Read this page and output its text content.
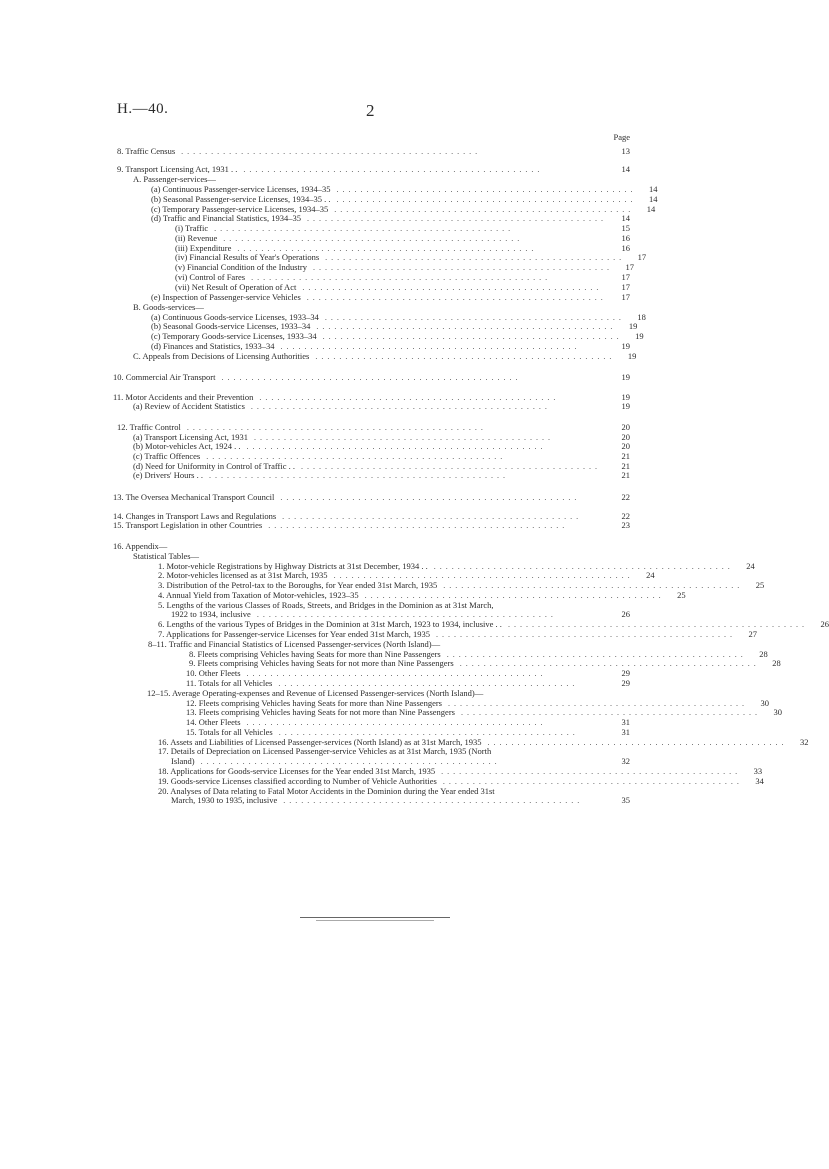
H.—40.	2
Page
8. Traffic Census . . . . . . . . . . . . . . . . . . . . . . . . . . . . . . . . . . . . . . . . . . . . . . . . . .	13
9. Transport Licensing Act, 1931 . . . . . . . . . . . . . . . . . . . . . . . . . . . . . . . . . . . . . . . . . . . . . . . . . . . .	14
A. Passenger-services—
(a) Continuous Passenger-service Licenses, 1934–35 . . . . . . . . . . . . . . . . . . . . . . . . . . . . . . . . . . . . . . . . . . . . . . . . . .	14
(b) Seasonal Passenger-service Licenses, 1934–35 . . . . . . . . . . . . . . . . . . . . . . . . . . . . . . . . . . . . . . . . . . . . . . . . . . . .	14
(c) Temporary Passenger-service Licenses, 1934–35 . . . . . . . . . . . . . . . . . . . . . . . . . . . . . . . . . . . . . . . . . . . . . . . . . .	14
(d) Traffic and Financial Statistics, 1934–35 . . . . . . . . . . . . . . . . . . . . . . . . . . . . . . . . . . . . . . . . . . . . . . . . . .	14
(i) Traffic . . . . . . . . . . . . . . . . . . . . . . . . . . . . . . . . . . . . . . . . . . . . . . . . . .	15
(ii) Revenue . . . . . . . . . . . . . . . . . . . . . . . . . . . . . . . . . . . . . . . . . . . . . . . . . .	16
(iii) Expenditure . . . . . . . . . . . . . . . . . . . . . . . . . . . . . . . . . . . . . . . . . . . . . . . . . .	16
(iv) Financial Results of Year's Operations . . . . . . . . . . . . . . . . . . . . . . . . . . . . . . . . . . . . . . . . . . . . . . . . . .	17
(v) Financial Condition of the Industry . . . . . . . . . . . . . . . . . . . . . . . . . . . . . . . . . . . . . . . . . . . . . . . . . .	17
(vi) Control of Fares . . . . . . . . . . . . . . . . . . . . . . . . . . . . . . . . . . . . . . . . . . . . . . . . . .	17
(vii) Net Result of Operation of Act . . . . . . . . . . . . . . . . . . . . . . . . . . . . . . . . . . . . . . . . . . . . . . . . . .	17
(e) Inspection of Passenger-service Vehicles . . . . . . . . . . . . . . . . . . . . . . . . . . . . . . . . . . . . . . . . . . . . . . . . . .	17
B. Goods-services—
(a) Continuous Goods-service Licenses, 1933–34 . . . . . . . . . . . . . . . . . . . . . . . . . . . . . . . . . . . . . . . . . . . . . . . . . .	18
(b) Seasonal Goods-service Licenses, 1933–34 . . . . . . . . . . . . . . . . . . . . . . . . . . . . . . . . . . . . . . . . . . . . . . . . . .	19
(c) Temporary Goods-service Licenses, 1933–34 . . . . . . . . . . . . . . . . . . . . . . . . . . . . . . . . . . . . . . . . . . . . . . . . . .	19
(d) Finances and Statistics, 1933–34 . . . . . . . . . . . . . . . . . . . . . . . . . . . . . . . . . . . . . . . . . . . . . . . . . .	19
C. Appeals from Decisions of Licensing Authorities . . . . . . . . . . . . . . . . . . . . . . . . . . . . . . . . . . . . . . . . . . . . . . . . . .	19
10. Commercial Air Transport . . . . . . . . . . . . . . . . . . . . . . . . . . . . . . . . . . . . . . . . . . . . . . . . . .	19
11. Motor Accidents and their Prevention . . . . . . . . . . . . . . . . . . . . . . . . . . . . . . . . . . . . . . . . . . . . . . . . . .	19
(a) Review of Accident Statistics . . . . . . . . . . . . . . . . . . . . . . . . . . . . . . . . . . . . . . . . . . . . . . . . . .	19
12. Traffic Control . . . . . . . . . . . . . . . . . . . . . . . . . . . . . . . . . . . . . . . . . . . . . . . . . .	20
(a) Transport Licensing Act, 1931 . . . . . . . . . . . . . . . . . . . . . . . . . . . . . . . . . . . . . . . . . . . . . . . . . .	20
(b) Motor-vehicles Act, 1924 . . . . . . . . . . . . . . . . . . . . . . . . . . . . . . . . . . . . . . . . . . . . . . . . . . . .	20
(c) Traffic Offences . . . . . . . . . . . . . . . . . . . . . . . . . . . . . . . . . . . . . . . . . . . . . . . . . .	21
(d) Need for Uniformity in Control of Traffic . . . . . . . . . . . . . . . . . . . . . . . . . . . . . . . . . . . . . . . . . . . . . . . . . . . .	21
(e) Drivers' Hours . . . . . . . . . . . . . . . . . . . . . . . . . . . . . . . . . . . . . . . . . . . . . . . . . . . .	21
13. The Oversea Mechanical Transport Council . . . . . . . . . . . . . . . . . . . . . . . . . . . . . . . . . . . . . . . . . . . . . . . . . .	22
14. Changes in Transport Laws and Regulations . . . . . . . . . . . . . . . . . . . . . . . . . . . . . . . . . . . . . . . . . . . . . . . . . .	22
15. Transport Legislation in other Countries . . . . . . . . . . . . . . . . . . . . . . . . . . . . . . . . . . . . . . . . . . . . . . . . . .	23
16. Appendix—
Statistical Tables—
1. Motor-vehicle Registrations by Highway Districts at 31st December, 1934 . . . . . . . . . . . . . . . . . . . . . . . . . . . . . . . . . . . . . . . . . . . . . . . . . . . .	24
2. Motor-vehicles licensed as at 31st March, 1935 . . . . . . . . . . . . . . . . . . . . . . . . . . . . . . . . . . . . . . . . . . . . . . . . . .	24
3. Distribution of the Petrol-tax to the Boroughs, for Year ended 31st March, 1935 . . . . . . . . . . . . . . . . . . . . . . . . . . . . . . . . . . . . . . . . . . . . . . . . . .	25
4. Annual Yield from Taxation of Motor-vehicles, 1923–35 . . . . . . . . . . . . . . . . . . . . . . . . . . . . . . . . . . . . . . . . . . . . . . . . . .	25
5. Lengths of the various Classes of Roads, Streets, and Bridges in the Dominion as at 31st March,
1922 to 1934, inclusive . . . . . . . . . . . . . . . . . . . . . . . . . . . . . . . . . . . . . . . . . . . . . . . . . .	26
6. Lengths of the various Types of Bridges in the Dominion at 31st March, 1923 to 1934, inclusive . . . . . . . . . . . . . . . . . . . . . . . . . . . . . . . . . . . . . . . . . . . . . . . . . . . .	26
7. Applications for Passenger-service Licenses for Year ended 31st March, 1935 . . . . . . . . . . . . . . . . . . . . . . . . . . . . . . . . . . . . . . . . . . . . . . . . . .	27
8–11. Traffic and Financial Statistics of Licensed Passenger-services (North Island)—
8. Fleets comprising Vehicles having Seats for more than Nine Passengers . . . . . . . . . . . . . . . . . . . . . . . . . . . . . . . . . . . . . . . . . . . . . . . . . .	28
9. Fleets comprising Vehicles having Seats for not more than Nine Passengers . . . . . . . . . . . . . . . . . . . . . . . . . . . . . . . . . . . . . . . . . . . . . . . . . .	28
10. Other Fleets . . . . . . . . . . . . . . . . . . . . . . . . . . . . . . . . . . . . . . . . . . . . . . . . . .	29
11. Totals for all Vehicles . . . . . . . . . . . . . . . . . . . . . . . . . . . . . . . . . . . . . . . . . . . . . . . . . .	29
12–15. Average Operating-expenses and Revenue of Licensed Passenger-services (North Island)—
12. Fleets comprising Vehicles having Seats for more than Nine Passengers . . . . . . . . . . . . . . . . . . . . . . . . . . . . . . . . . . . . . . . . . . . . . . . . . .	30
13. Fleets comprising Vehicles having Seats for not more than Nine Passengers . . . . . . . . . . . . . . . . . . . . . . . . . . . . . . . . . . . . . . . . . . . . . . . . . .	30
14. Other Fleets . . . . . . . . . . . . . . . . . . . . . . . . . . . . . . . . . . . . . . . . . . . . . . . . . .	31
15. Totals for all Vehicles . . . . . . . . . . . . . . . . . . . . . . . . . . . . . . . . . . . . . . . . . . . . . . . . . .	31
16. Assets and Liabilities of Licensed Passenger-services (North Island) as at 31st March, 1935 . . . . . . . . . . . . . . . . . . . . . . . . . . . . . . . . . . . . . . . . . . . . . . . . . .	32
17. Details of Depreciation on Licensed Passenger-service Vehicles as at 31st March, 1935 (North
Island) . . . . . . . . . . . . . . . . . . . . . . . . . . . . . . . . . . . . . . . . . . . . . . . . . .	32
18. Applications for Goods-service Licenses for the Year ended 31st March, 1935 . . . . . . . . . . . . . . . . . . . . . . . . . . . . . . . . . . . . . . . . . . . . . . . . . .	33
19. Goods-service Licenses classified according to Number of Vehicle Authorities . . . . . . . . . . . . . . . . . . . . . . . . . . . . . . . . . . . . . . . . . . . . . . . . . .	34
20. Analyses of Data relating to Fatal Motor Accidents in the Dominion during the Year ended 31st
March, 1930 to 1935, inclusive . . . . . . . . . . . . . . . . . . . . . . . . . . . . . . . . . . . . . . . . . . . . . . . . . .	35
